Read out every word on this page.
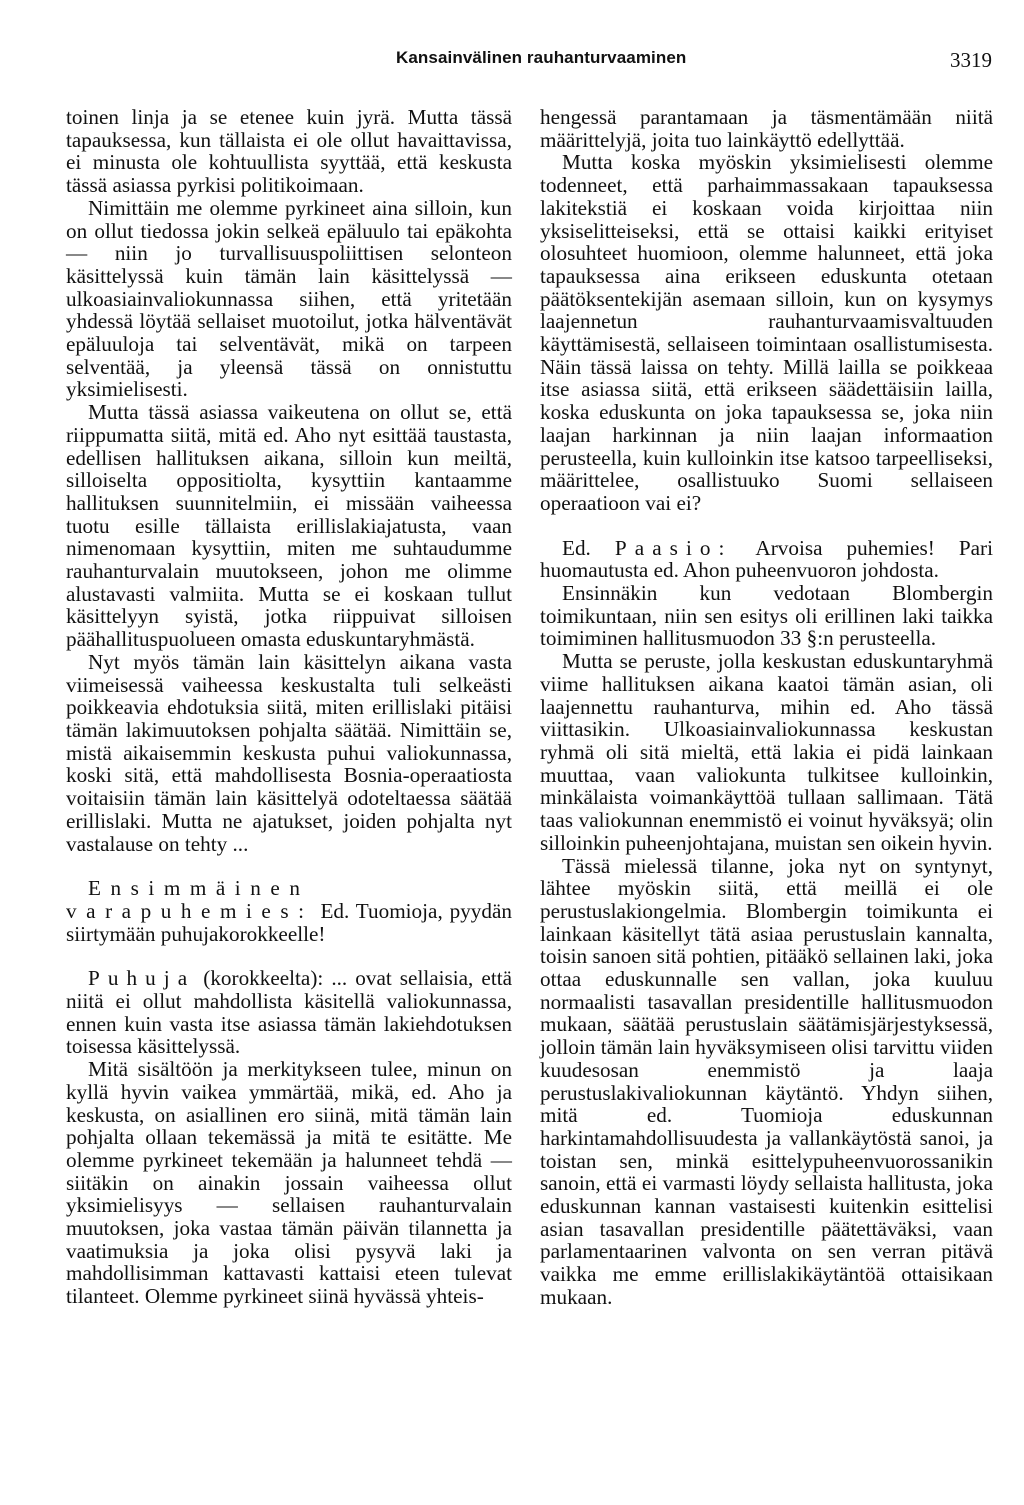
Kansainvälinen rauhanturvaaminen	3319

toinen linja ja se etenee kuin jyrä. Mutta tässä tapauksessa, kun tällaista ei ole ollut havaittavissa, ei minusta ole kohtuullista syyttää, että keskusta tässä asiassa pyrkisi politikoimaan.

Nimittäin me olemme pyrkineet aina silloin, kun on ollut tiedossa jokin selkeä epäluulo tai epäkohta — niin jo turvallisuuspoliittisen selonteon käsittelyssä kuin tämän lain käsittelyssä — ulkoasiainvaliokunnassa siihen, että yritetään yhdessä löytää sellaiset muotoilut, jotka hälventävät epäluuloja tai selventävät, mikä on tarpeen selventää, ja yleensä tässä on onnistuttu yksimielisesti.

Mutta tässä asiassa vaikeutena on ollut se, että riippumatta siitä, mitä ed. Aho nyt esittää taustasta, edellisen hallituksen aikana, silloin kun meiltä, silloiselta oppositiolta, kysyttiin kantaamme hallituksen suunnitelmiin, ei missään vaiheessa tuotu esille tällaista erillislakiajatusta, vaan nimenomaan kysyttiin, miten me suhtaudumme rauhanturvalain muutokseen, johon me olimme alustavasti valmiita. Mutta se ei koskaan tullut käsittelyyn syistä, jotka riippuivat silloisen päähallituspuolueen omasta eduskuntaryhmästä.

Nyt myös tämän lain käsittelyn aikana vasta viimeisessä vaiheessa keskustalta tuli selkeästi poikkeavia ehdotuksia siitä, miten erillislaki pitäisi tämän lakimuutoksen pohjalta säätää. Nimittäin se, mistä aikaisemmin keskusta puhui valiokunnassa, koski sitä, että mahdollisesta Bosnia-operaatiosta voitaisiin tämän lain käsittelyä odoteltaessa säätää erillislaki. Mutta ne ajatukset, joiden pohjalta nyt vastalause on tehty ...

Ensimmäinen varapuhemies: Ed. Tuomioja, pyydän siirtymään puhujakorokkeelle!

Puhuja (korokkeelta): ... ovat sellaisia, että niitä ei ollut mahdollista käsitellä valiokunnassa, ennen kuin vasta itse asiassa tämän lakiehdotuksen toisessa käsittelyssä.

Mitä sisältöön ja merkitykseen tulee, minun on kyllä hyvin vaikea ymmärtää, mikä, ed. Aho ja keskusta, on asiallinen ero siinä, mitä tämän lain pohjalta ollaan tekemässä ja mitä te esitätte. Me olemme pyrkineet tekemään ja halunneet tehdä — siitäkin on ainakin jossain vaiheessa ollut yksimielisyys — sellaisen rauhanturvalain muutoksen, joka vastaa tämän päivän tilannetta ja vaatimuksia ja joka olisi pysyvä laki ja mahdollisimman kattavasti kattaisi eteen tulevat tilanteet. Olemme pyrkineet siinä hyvässä yhteis-

hengessä parantamaan ja täsmentämään niitä määrittelyjä, joita tuo lainkäyttö edellyttää.

Mutta koska myöskin yksimielisesti olemme todenneet, että parhaimmassakaan tapauksessa lakitekstiä ei koskaan voida kirjoittaa niin yksiselitteiseksi, että se ottaisi kaikki erityiset olosuhteet huomioon, olemme halunneet, että joka tapauksessa aina erikseen eduskunta otetaan päätöksentekijän asemaan silloin, kun on kysymys laajennetun rauhanturvaamisvaltuuden käyttämisestä, sellaiseen toimintaan osallistumisesta. Näin tässä laissa on tehty. Millä lailla se poikkeaa itse asiassa siitä, että erikseen säädettäisiin lailla, koska eduskunta on joka tapauksessa se, joka niin laajan harkinnan ja niin laajan informaation perusteella, kuin kulloinkin itse katsoo tarpeelliseksi, määrittelee, osallistuuko Suomi sellaiseen operaatioon vai ei?

Ed. Paasio: Arvoisa puhemies! Pari huomautusta ed. Ahon puheenvuoron johdosta.

Ensinnäkin kun vedotaan Blombergin toimikuntaan, niin sen esitys oli erillinen laki taikka toimiminen hallitusmuodon 33 §:n perusteella.

Mutta se peruste, jolla keskustan eduskuntaryhmä viime hallituksen aikana kaatoi tämän asian, oli laajennettu rauhanturva, mihin ed. Aho tässä viittasikin. Ulkoasiainvaliokunnassa keskustan ryhmä oli sitä mieltä, että lakia ei pidä lainkaan muuttaa, vaan valiokunta tulkitsee kulloinkin, minkälaista voimankäyttöä tullaan sallimaan. Tätä taas valiokunnan enemmistö ei voinut hyväksyä; olin silloinkin puheenjohtajana, muistan sen oikein hyvin.

Tässä mielessä tilanne, joka nyt on syntynyt, lähtee myöskin siitä, että meillä ei ole perustuslakiongelmia. Blombergin toimikunta ei lainkaan käsitellyt tätä asiaa perustuslain kannalta, toisin sanoen sitä pohtien, pitääkö sellainen laki, joka ottaa eduskunnalle sen vallan, joka kuuluu normaalisti tasavallan presidentille hallitusmuodon mukaan, säätää perustuslain säätämisjärjestyksessä, jolloin tämän lain hyväksymiseen olisi tarvittu viiden kuudesosan enemmistö ja laaja perustuslakivaliokunnan käytäntö. Yhdyn siihen, mitä ed. Tuomioja eduskunnan harkintamahdollisuudesta ja vallankäytöstä sanoi, ja toistan sen, minkä esittelypuheenvuorossanikin sanoin, että ei varmasti löydy sellaista hallitusta, joka eduskunnan kannan vastaisesti kuitenkin esittelisi asian tasavallan presidentille päätettäväksi, vaan parlamentaarinen valvonta on sen verran pitävä vaikka me emme erillislakikäytäntöä ottaisikaan mukaan.
